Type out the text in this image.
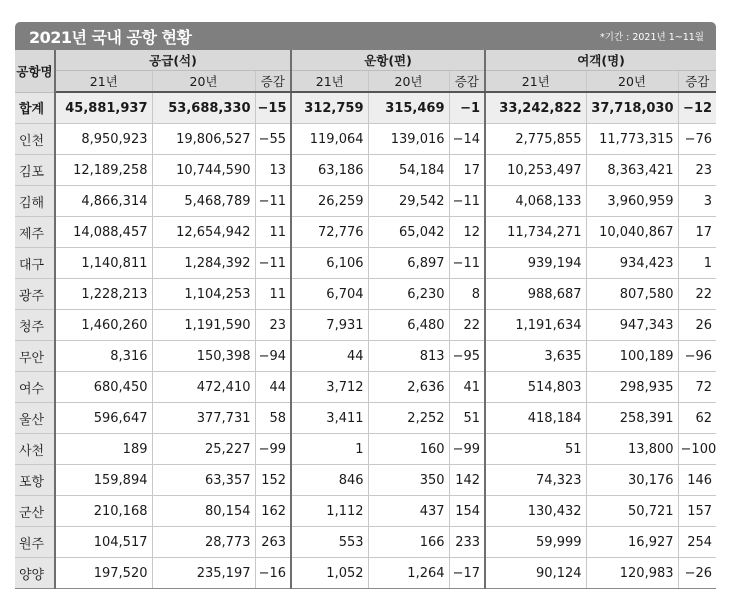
2021년 국내 공항 현황	*기간 : 2021년 1~11월
공항명	공급(석)			운항(편)			여객(명)		
	21년	20년	증감	21년	20년	증감	21년	20년	증감
합계	45,881,937	53,688,330	−15	312,759	315,469	−1	33,242,822	37,718,030	−12
인천	8,950,923	19,806,527	−55	119,064	139,016	−14	2,775,855	11,773,315	−76
김포	12,189,258	10,744,590	13	63,186	54,184	17	10,253,497	8,363,421	23
김해	4,866,314	5,468,789	−11	26,259	29,542	−11	4,068,133	3,960,959	3
제주	14,088,457	12,654,942	11	72,776	65,042	12	11,734,271	10,040,867	17
대구	1,140,811	1,284,392	−11	6,106	6,897	−11	939,194	934,423	1
광주	1,228,213	1,104,253	11	6,704	6,230	8	988,687	807,580	22
청주	1,460,260	1,191,590	23	7,931	6,480	22	1,191,634	947,343	26
무안	8,316	150,398	−94	44	813	−95	3,635	100,189	−96
여수	680,450	472,410	44	3,712	2,636	41	514,803	298,935	72
울산	596,647	377,731	58	3,411	2,252	51	418,184	258,391	62
사천	189	25,227	−99	1	160	−99	51	13,800	−100
포항	159,894	63,357	152	846	350	142	74,323	30,176	146
군산	210,168	80,154	162	1,112	437	154	130,432	50,721	157
원주	104,517	28,773	263	553	166	233	59,999	16,927	254
양양	197,520	235,197	−16	1,052	1,264	−17	90,124	120,983	−26
